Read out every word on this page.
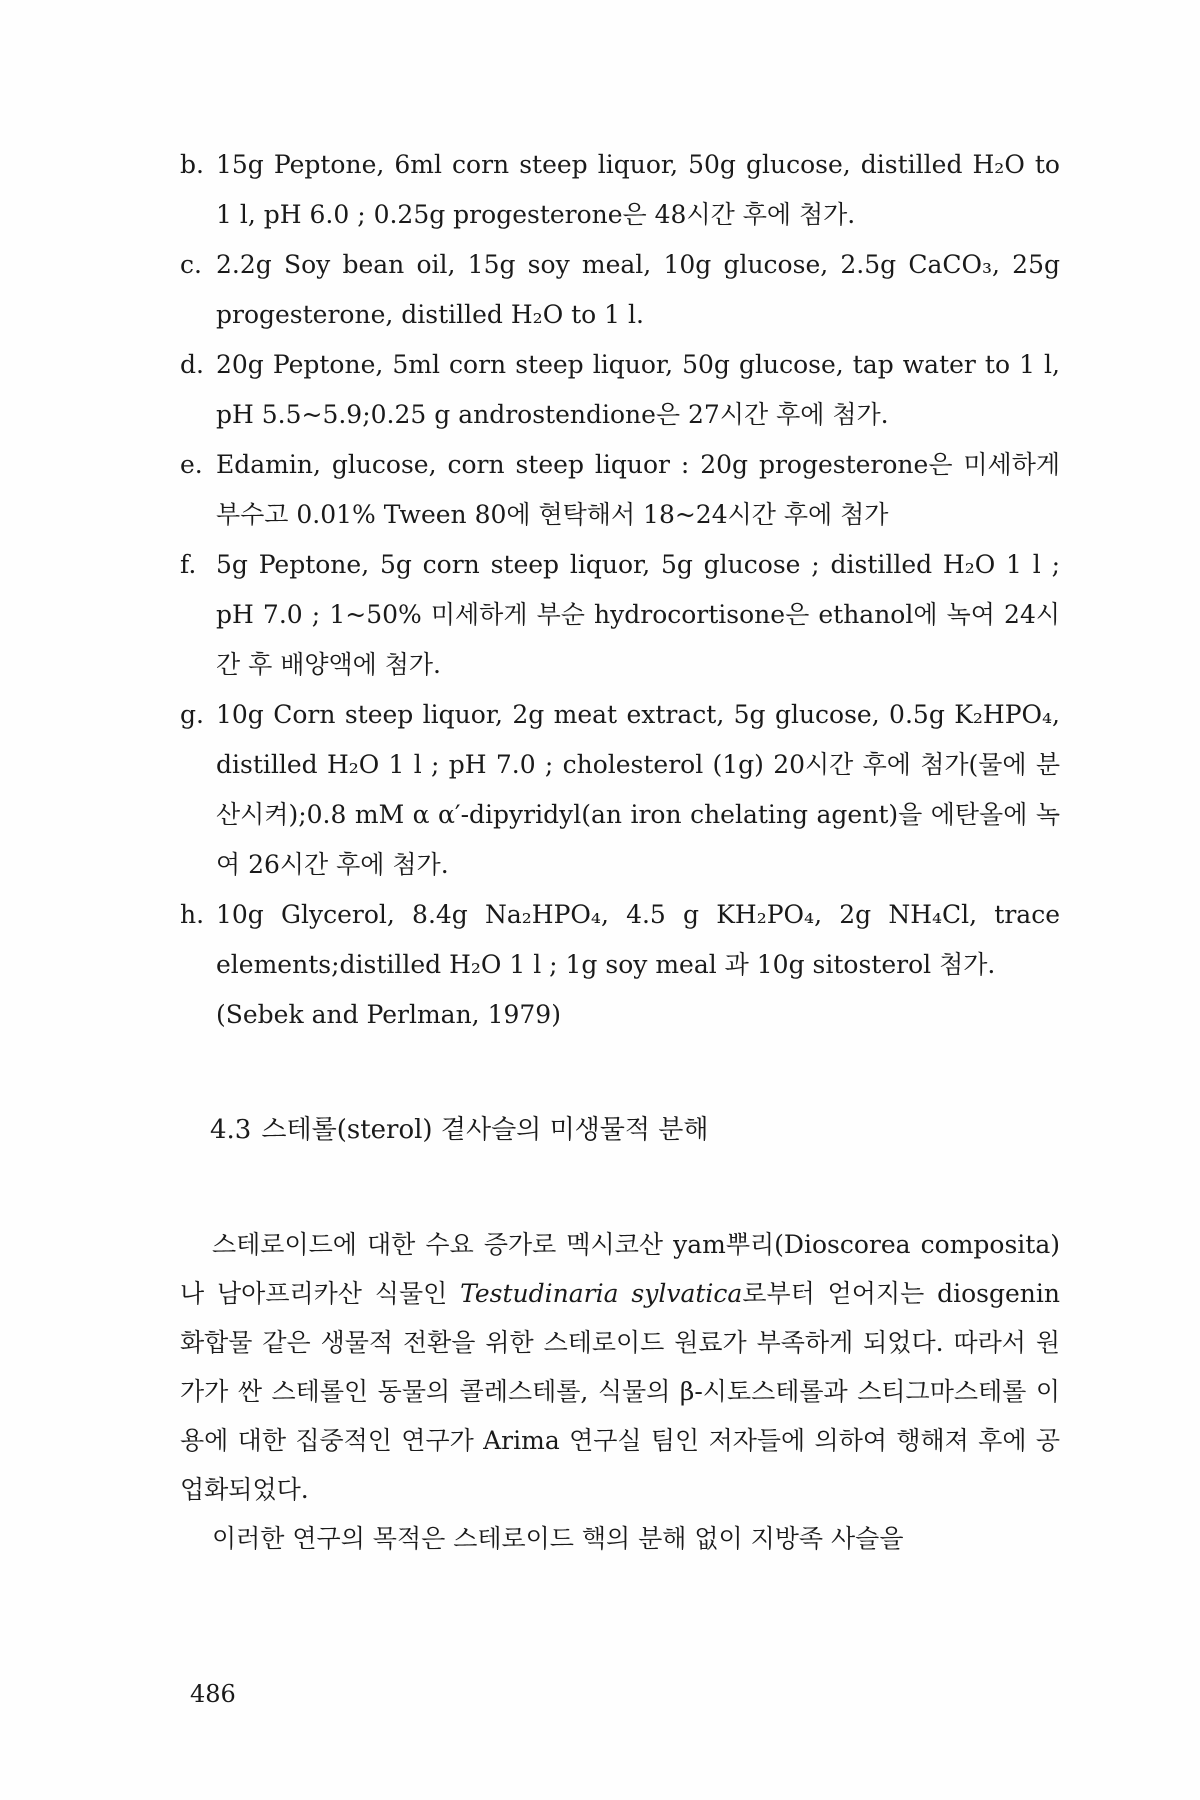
b. 15g Peptone, 6ml corn steep liquor, 50g glucose, distilled H₂O to 1 l, pH 6.0 ; 0.25g progesterone은 48시간 후에 첨가.

c. 2.2g Soy bean oil, 15g soy meal, 10g glucose, 2.5g CaCO₃, 25g progesterone, distilled H₂O to 1 l.

d. 20g Peptone, 5ml corn steep liquor, 50g glucose, tap water to 1 l, pH 5.5~5.9;0.25 g androstendione은 27시간 후에 첨가.

e. Edamin, glucose, corn steep liquor : 20g progesterone은 미세하게 부수고 0.01% Tween 80에 현탁해서 18~24시간 후에 첨가

f. 5g Peptone, 5g corn steep liquor, 5g glucose ; distilled H₂O 1 l ; pH 7.0 ; 1~50% 미세하게 부순 hydrocortisone은 ethanol에 녹여 24시간 후 배양액에 첨가.

g. 10g Corn steep liquor, 2g meat extract, 5g glucose, 0.5g K₂HPO₄, distilled H₂O 1 l ; pH 7.0 ; cholesterol (1g) 20시간 후에 첨가(물에 분산시켜);0.8 mM α α′-dipyridyl(an iron chelating agent)을 에탄올에 녹여 26시간 후에 첨가.

h. 10g Glycerol, 8.4g Na₂HPO₄, 4.5 g KH₂PO₄, 2g NH₄Cl, trace elements;distilled H₂O 1 l ; 1g soy meal 과 10g sitosterol 첨가.

(Sebek and Perlman, 1979)

4.3 스테롤(sterol) 곁사슬의 미생물적 분해

스테로이드에 대한 수요 증가로 멕시코산 yam뿌리(Dioscorea composita)나 남아프리카산 식물인 Testudinaria sylvatica로부터 얻어지는 diosgenin 화합물 같은 생물적 전환을 위한 스테로이드 원료가 부족하게 되었다. 따라서 원가가 싼 스테롤인 동물의 콜레스테롤, 식물의 β-시토스테롤과 스티그마스테롤 이용에 대한 집중적인 연구가 Arima 연구실 팀인 저자들에 의하여 행해져 후에 공업화되었다.

이러한 연구의 목적은 스테로이드 핵의 분해 없이 지방족 사슬을

486
